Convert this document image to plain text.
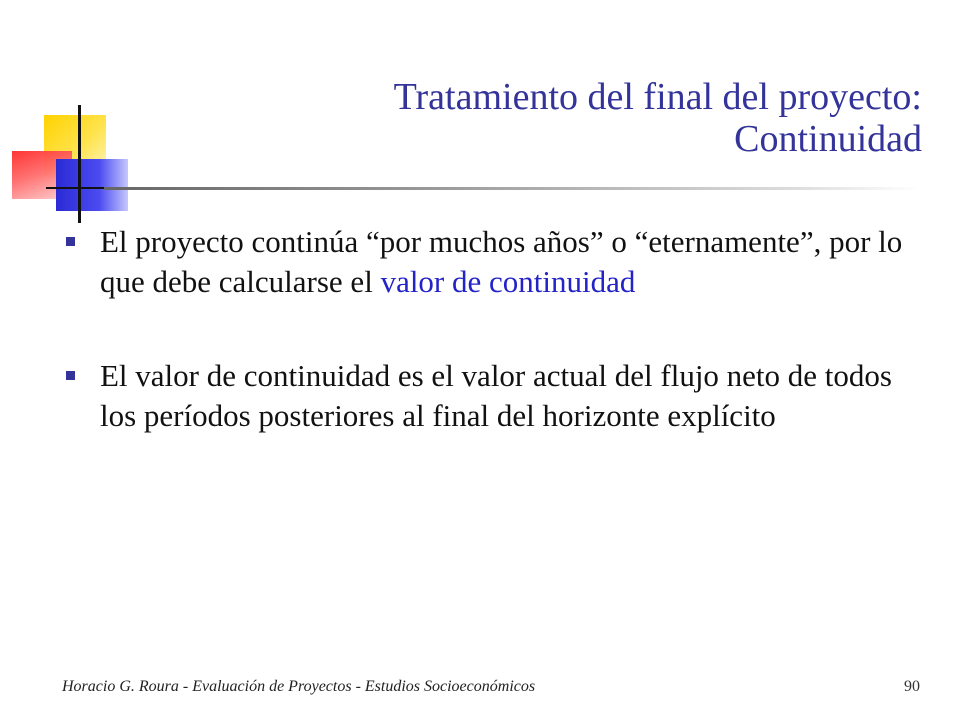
Tratamiento del final del proyecto:
Continuidad
El proyecto continúa “por muchos años” o “eternamente”, por lo que debe calcularse el valor de continuidad
El valor de continuidad es el valor actual del flujo neto de todos los períodos posteriores al final del horizonte explícito
Horacio G. Roura - Evaluación de Proyectos - Estudios Socioeconómicos	90
